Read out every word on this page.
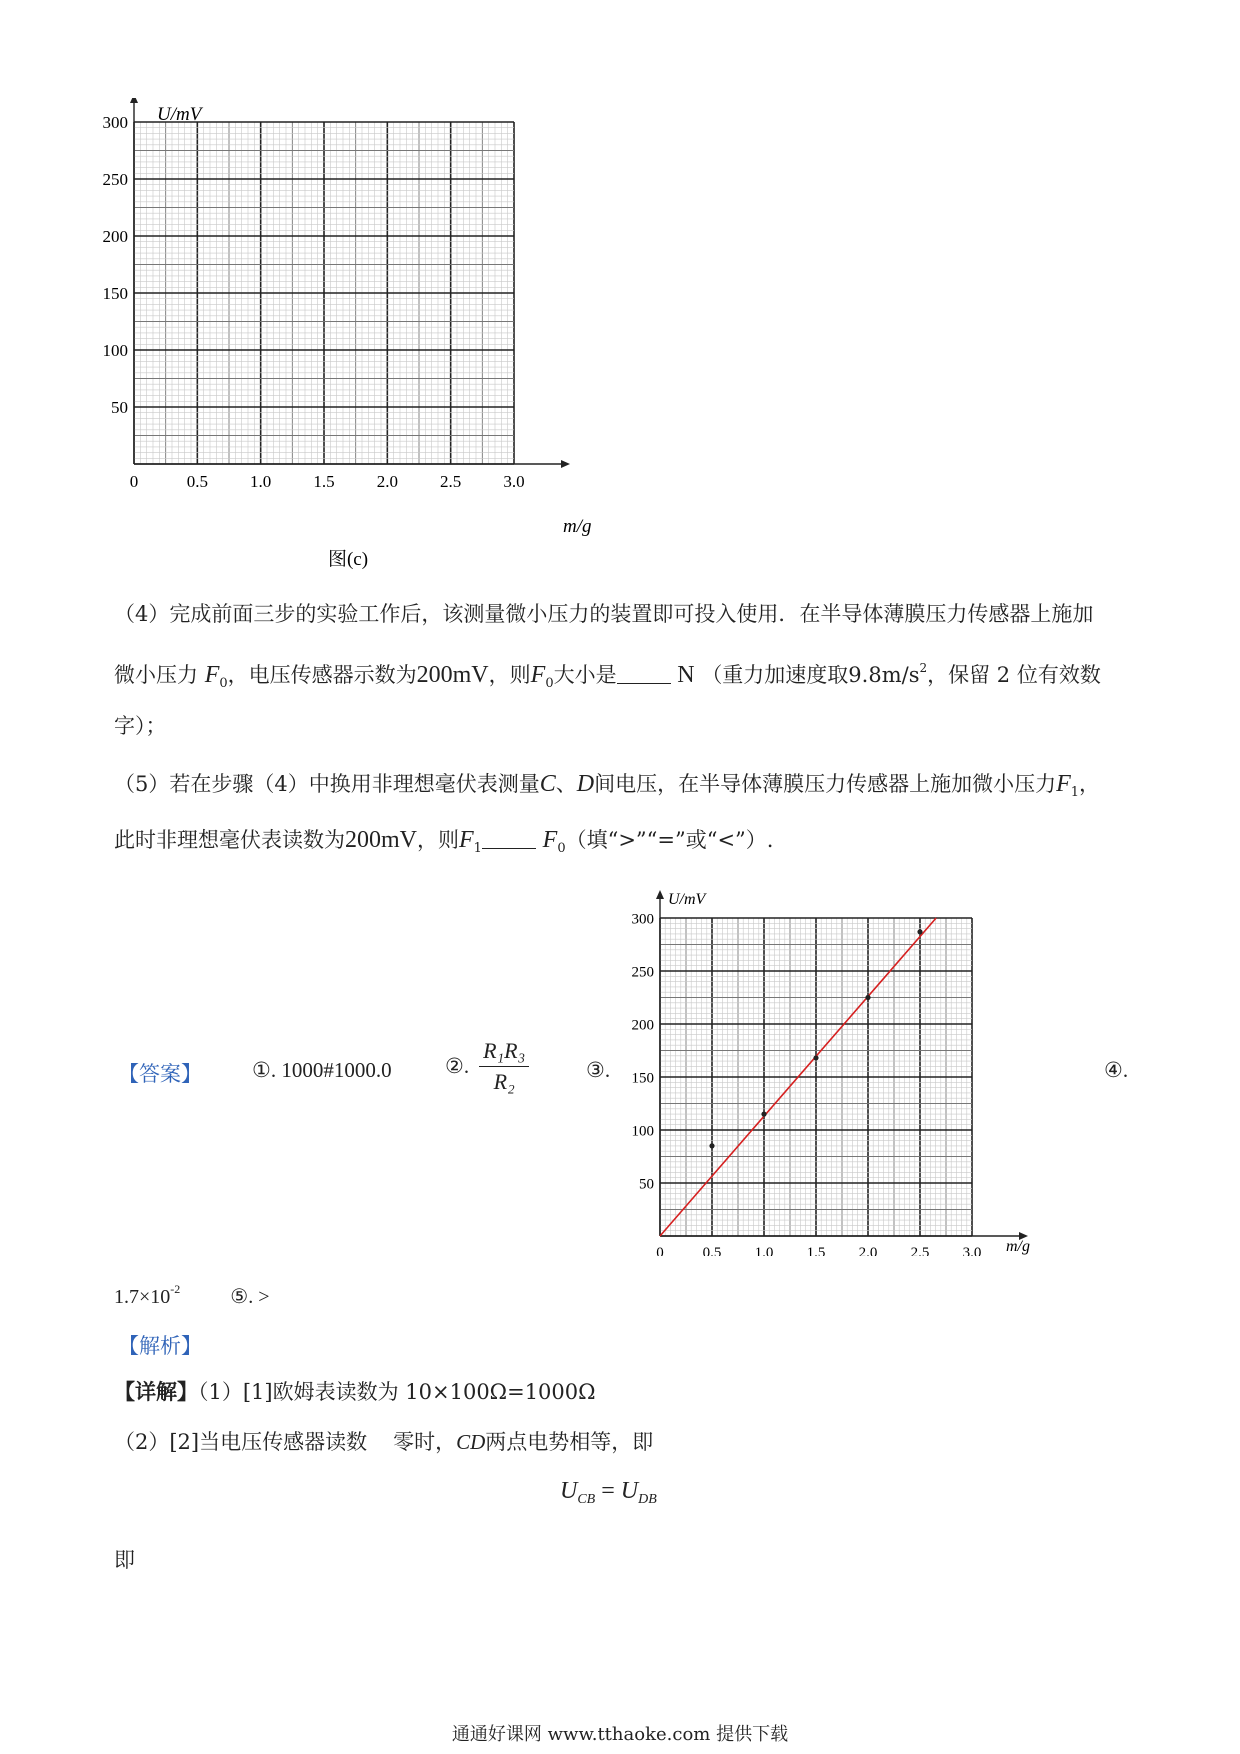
0	0.5 1.0 1.5 2.0 2.5 3.0
50
100
150
200
250
300 U/mV
m/g
图(c)
（4）完成前面三步的实验工作后，该测量微小压力的装置即可投入使用．在半导体薄膜压力传感器上施加
微小压力 $F_0$，电压传感器示数为200mV，则$F_0$大小是	N （重力加速度取$9.8m/s^2$，保留 2 位有效数
字）；
（5）若在步骤（4）中换用非理想毫伏表测量C、D间电压，在半导体薄膜压力传感器上施加微小压力$F_1$，
此时非理想毫伏表读数为200mV，则$F_1$	$F_0$（填“>”“=”或“<”）.
0	0.5 1.0 1.5 2.0 2.5 3.0
50
100
150
200
250
300
U/mV
m/g
【答案】 ①. 1000#1000.0	②. $\frac{\text{R₁R₃}}{\text{R₂}}$	③.	④.
$1.7\times 10^{-2}$	⑤. >
【解析】
【详解】（1）[1]欧姆表读数为 10×100Ω=1000Ω
（2）[2]当电压传感器读数 零时，CD两点电势相等，即
$U_{CB} = U_{DB}$
即
通通好课网 www.tthaoke.com 提供下载
